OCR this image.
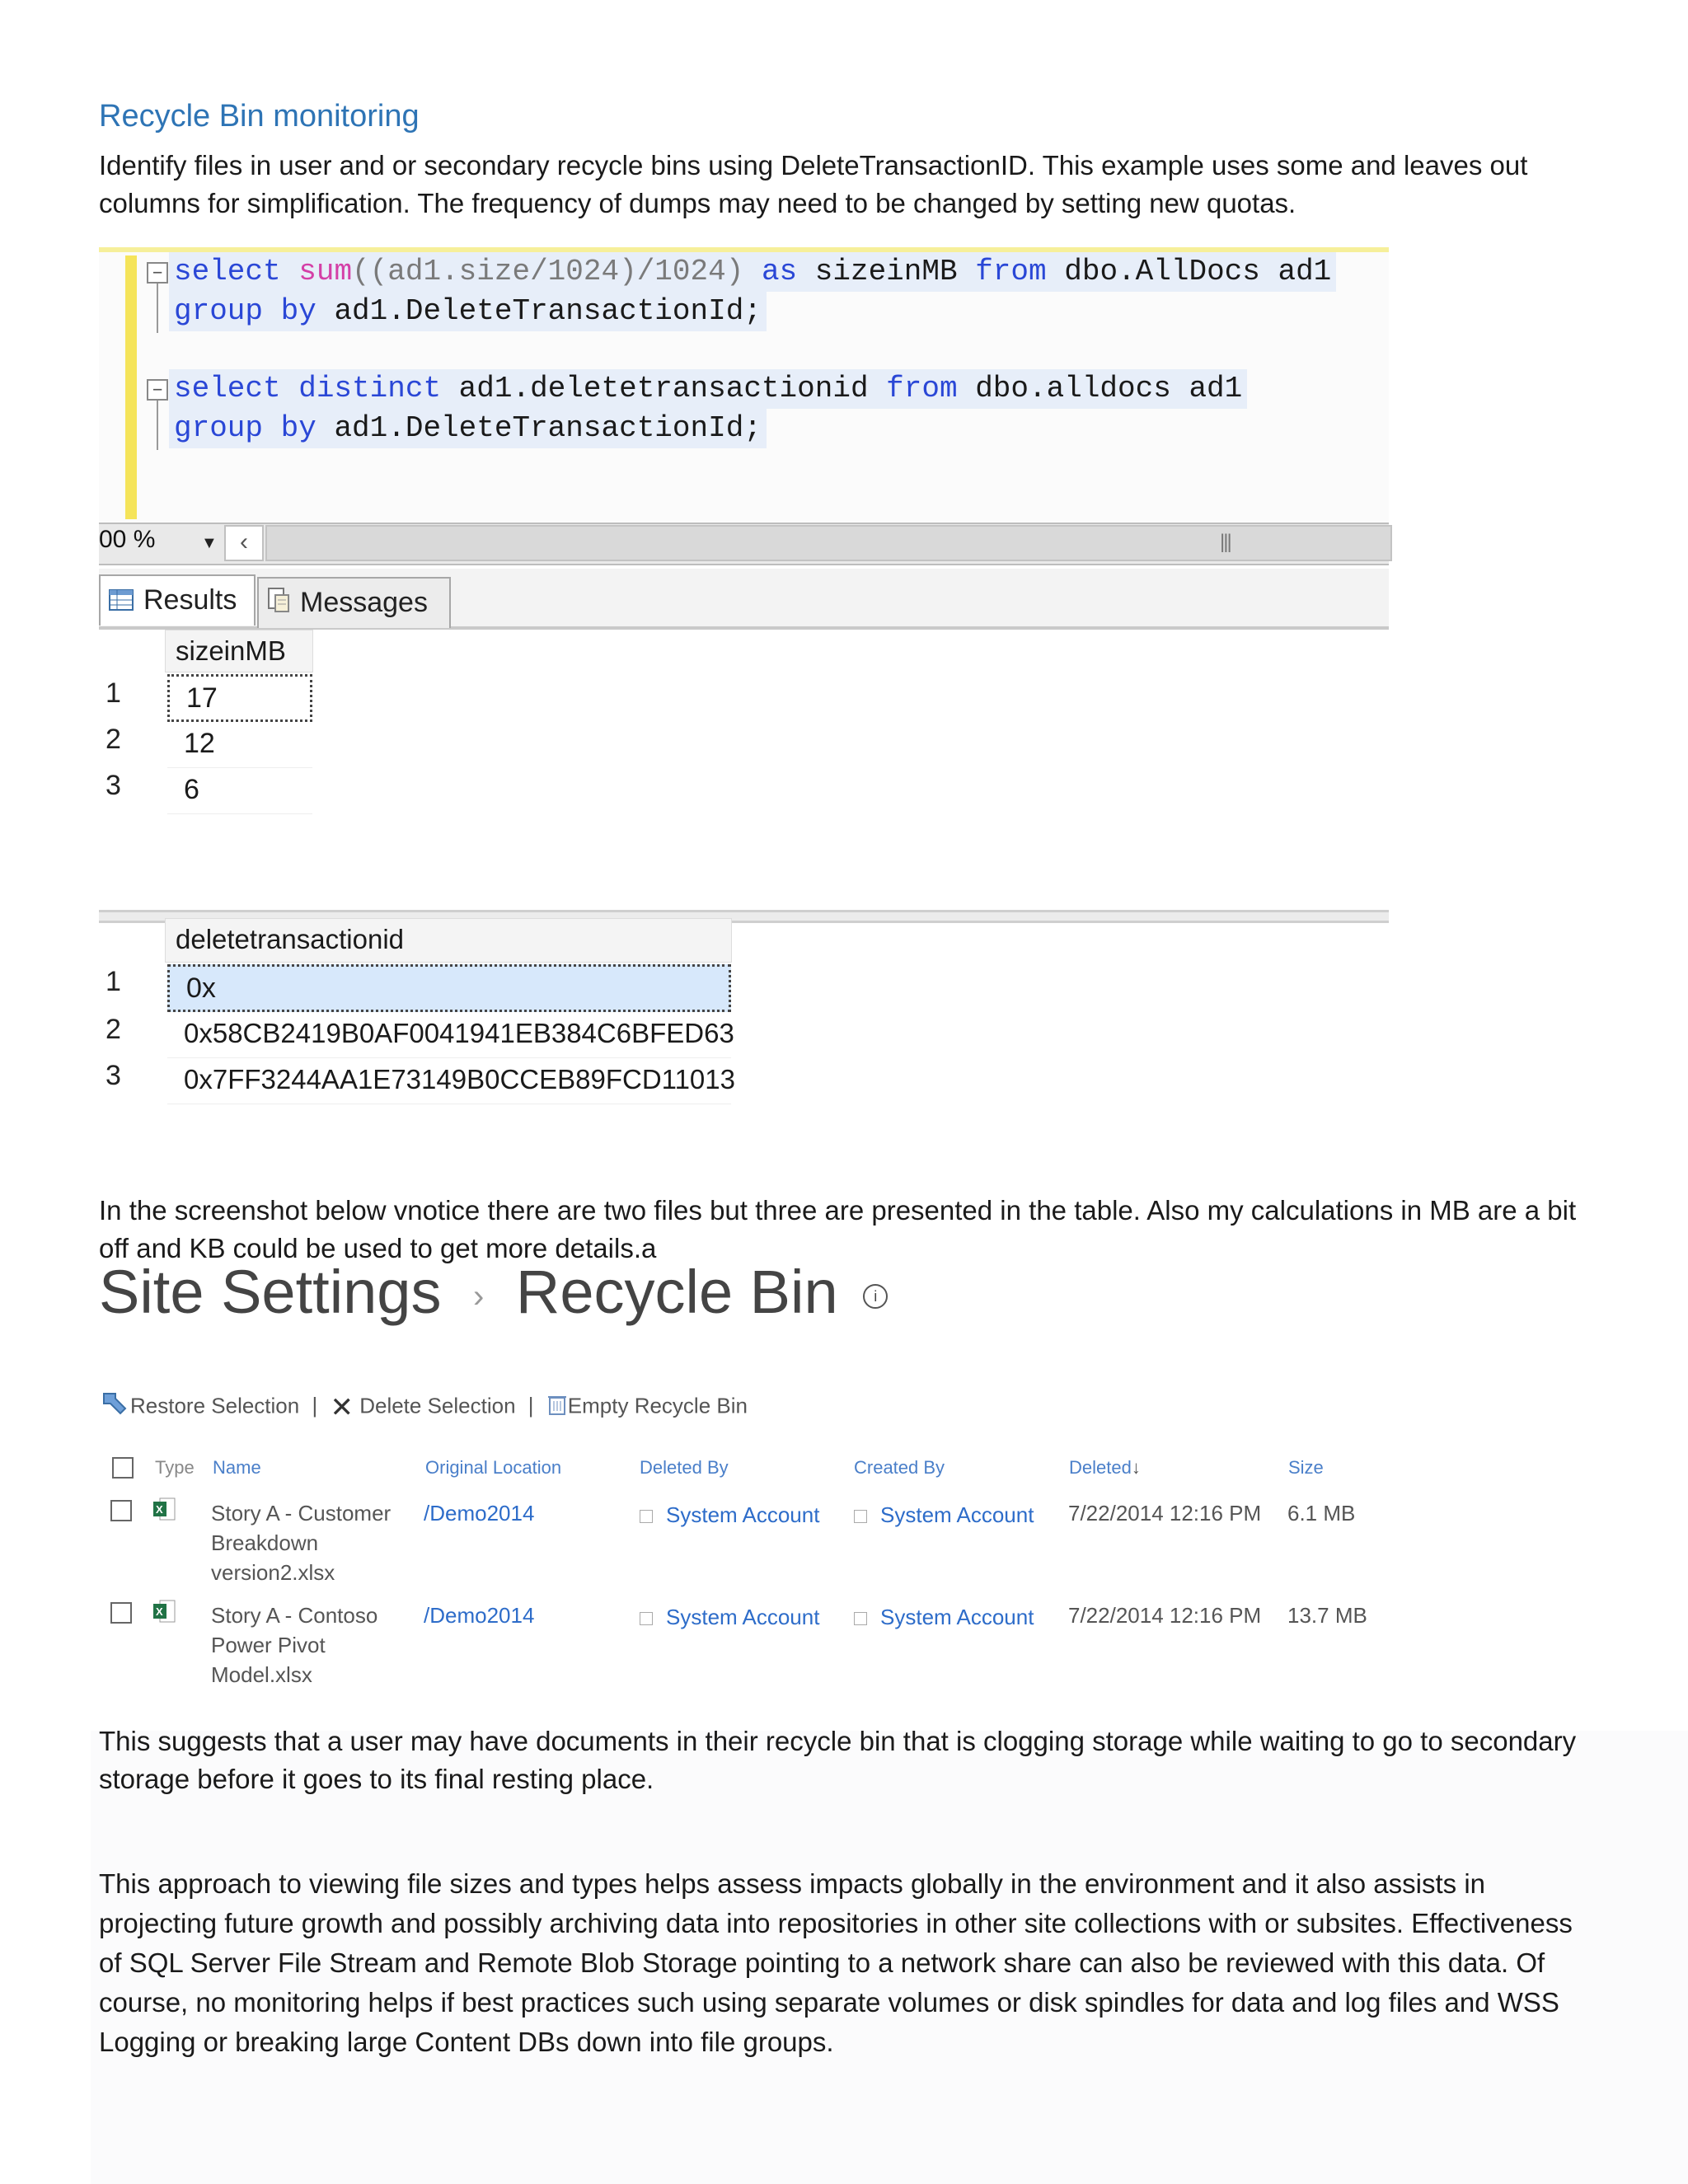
Recycle Bin monitoring
Identify files in user and or secondary recycle bins using DeleteTransactionID. This example uses some and leaves out columns for simplification. The frequency of dumps may need to be changed by setting new quotas.
− select sum((ad1.size/1024)/1024) as sizeinMB from dbo.AllDocs ad1
group by ad1.DeleteTransactionId;
− select distinct ad1.deletetransactionid from dbo.alldocs ad1
group by ad1.DeleteTransactionId;
00 %	▼ ‹	|||
Results	Messages
sizeinMB
1	17
2	12
3	6
deletetransactionid
1	0x
2	0x58CB2419B0AF0041941EB384C6BFED63
3	0x7FF3244AA1E73149B0CCEB89FCD11013
In the screenshot below vnotice there are two files but three are presented in the table. Also my calculations in MB are a bit off and KB could be used to get more details.a
Site Settings › Recycle Bin i
Restore Selection | ✕ Delete Selection | Empty Recycle Bin
Type Name	Original Location	Deleted By	Created By	Deleted↓	Size
X Story A - Customer
Breakdown
version2.xlsx
/Demo2014	System Account	System Account 7/22/2014 12:16 PM 6.1 MB
X Story A - Contoso
Power Pivot
Model.xlsx
/Demo2014	System Account	System Account 7/22/2014 12:16 PM 13.7 MB
This suggests that a user may have documents in their recycle bin that is clogging storage while waiting to go to secondary storage before it goes to its final resting place.
This approach to viewing file sizes and types helps assess impacts globally in the environment and it also assists in projecting future growth and possibly archiving data into repositories in other site collections with or subsites. Effectiveness of SQL Server File Stream and Remote Blob Storage pointing to a network share can also be reviewed with this data. Of course, no monitoring helps if best practices such using separate volumes or disk spindles for data and log files and WSS Logging or breaking large Content DBs down into file groups.
